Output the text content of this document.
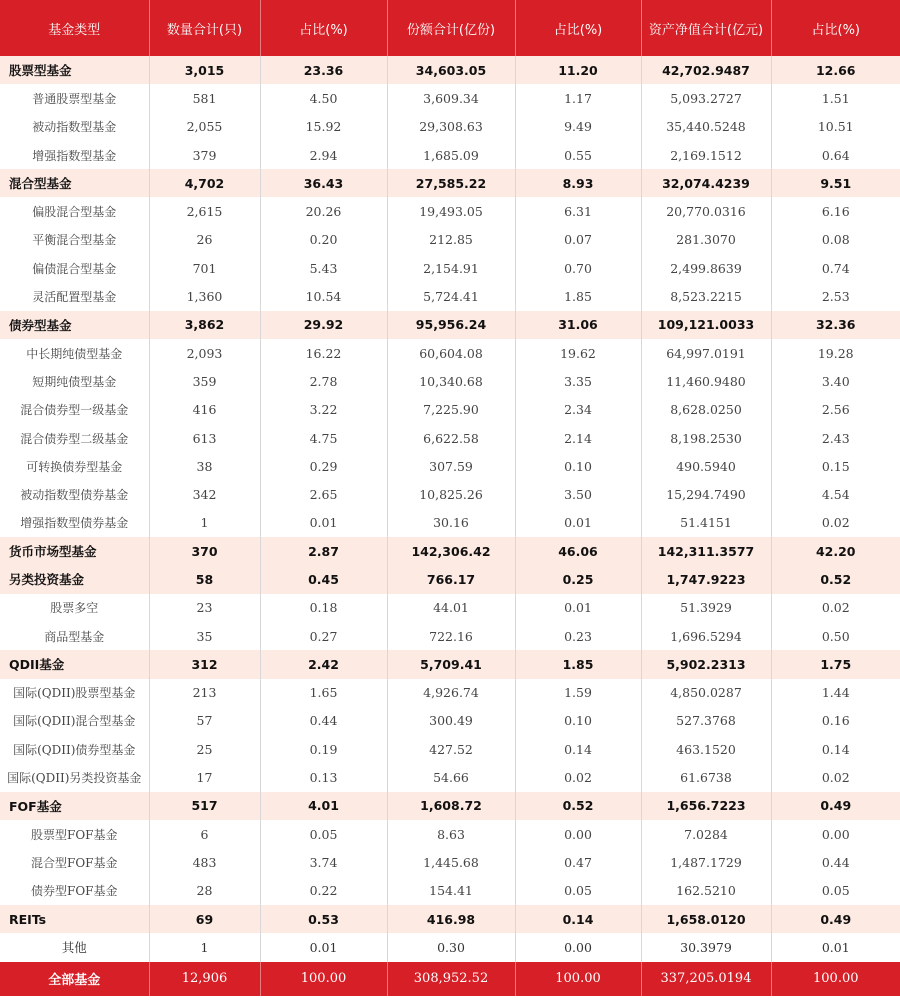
基金类型	数量合计(只)	占比(%)	份额合计(亿份)	占比(%)	资产净值合计(亿元)	占比(%)
股票型基金	3,015	23.36	34,603.05	11.20	42,702.9487	12.66
普通股票型基金	581	4.50	3,609.34	1.17	5,093.2727	1.51
被动指数型基金	2,055	15.92	29,308.63	9.49	35,440.5248	10.51
增强指数型基金	379	2.94	1,685.09	0.55	2,169.1512	0.64
混合型基金	4,702	36.43	27,585.22	8.93	32,074.4239	9.51
偏股混合型基金	2,615	20.26	19,493.05	6.31	20,770.0316	6.16
平衡混合型基金	26	0.20	212.85	0.07	281.3070	0.08
偏债混合型基金	701	5.43	2,154.91	0.70	2,499.8639	0.74
灵活配置型基金	1,360	10.54	5,724.41	1.85	8,523.2215	2.53
债券型基金	3,862	29.92	95,956.24	31.06	109,121.0033	32.36
中长期纯债型基金	2,093	16.22	60,604.08	19.62	64,997.0191	19.28
短期纯债型基金	359	2.78	10,340.68	3.35	11,460.9480	3.40
混合债券型一级基金	416	3.22	7,225.90	2.34	8,628.0250	2.56
混合债券型二级基金	613	4.75	6,622.58	2.14	8,198.2530	2.43
可转换债券型基金	38	0.29	307.59	0.10	490.5940	0.15
被动指数型债券基金	342	2.65	10,825.26	3.50	15,294.7490	4.54
增强指数型债券基金	1	0.01	30.16	0.01	51.4151	0.02
货币市场型基金	370	2.87	142,306.42	46.06	142,311.3577	42.20
另类投资基金	58	0.45	766.17	0.25	1,747.9223	0.52
股票多空	23	0.18	44.01	0.01	51.3929	0.02
商品型基金	35	0.27	722.16	0.23	1,696.5294	0.50
QDII基金	312	2.42	5,709.41	1.85	5,902.2313	1.75
国际(QDII)股票型基金	213	1.65	4,926.74	1.59	4,850.0287	1.44
国际(QDII)混合型基金	57	0.44	300.49	0.10	527.3768	0.16
国际(QDII)债券型基金	25	0.19	427.52	0.14	463.1520	0.14
国际(QDII)另类投资基金	17	0.13	54.66	0.02	61.6738	0.02
FOF基金	517	4.01	1,608.72	0.52	1,656.7223	0.49
股票型FOF基金	6	0.05	8.63	0.00	7.0284	0.00
混合型FOF基金	483	3.74	1,445.68	0.47	1,487.1729	0.44
债券型FOF基金	28	0.22	154.41	0.05	162.5210	0.05
REITs	69	0.53	416.98	0.14	1,658.0120	0.49
其他	1	0.01	0.30	0.00	30.3979	0.01
全部基金	12,906	100.00	308,952.52	100.00	337,205.0194	100.00
